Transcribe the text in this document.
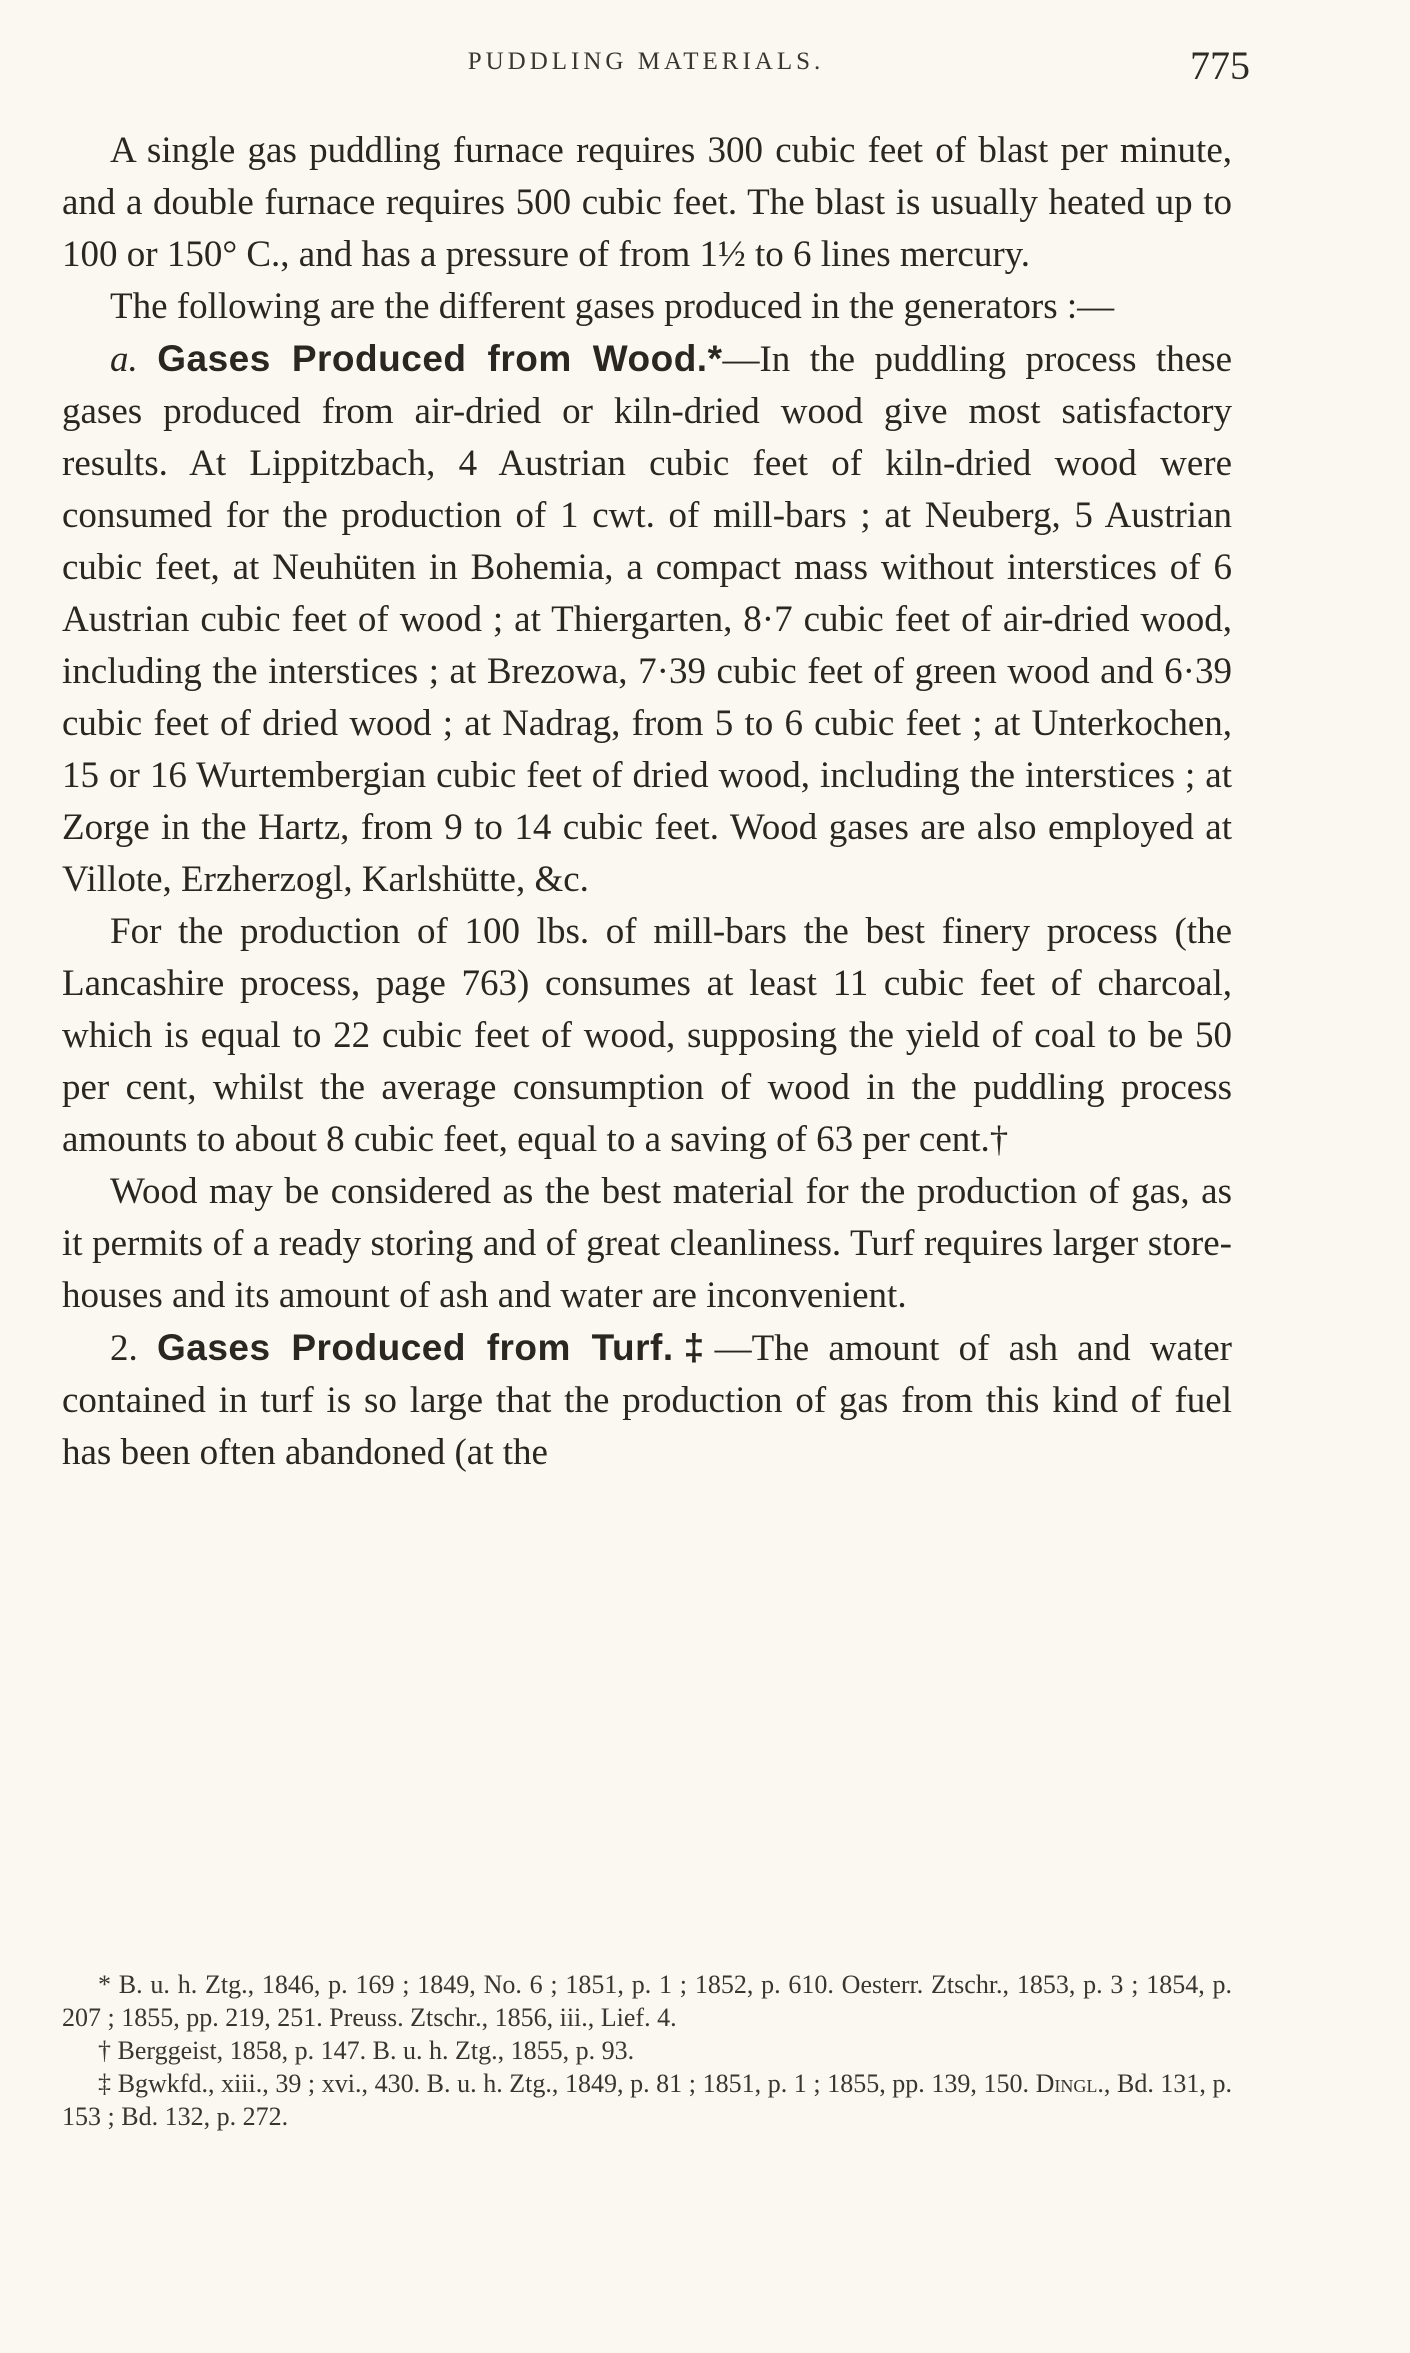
PUDDLING MATERIALS.	775

A single gas puddling furnace requires 300 cubic feet of blast per minute, and a double furnace requires 500 cubic feet. The blast is usually heated up to 100 or 150° C., and has a pressure of from 1½ to 6 lines mercury.

The following are the different gases produced in the generators :—

a. Gases Produced from Wood.*—In the puddling process these gases produced from air-dried or kiln-dried wood give most satisfactory results. At Lippitzbach, 4 Austrian cubic feet of kiln-dried wood were consumed for the production of 1 cwt. of mill-bars ; at Neuberg, 5 Austrian cubic feet, at Neuhüten in Bohemia, a compact mass without interstices of 6 Austrian cubic feet of wood ; at Thiergarten, 8·7 cubic feet of air-dried wood, including the interstices ; at Brezowa, 7·39 cubic feet of green wood and 6·39 cubic feet of dried wood ; at Nadrag, from 5 to 6 cubic feet ; at Unterkochen, 15 or 16 Wurtembergian cubic feet of dried wood, including the interstices ; at Zorge in the Hartz, from 9 to 14 cubic feet. Wood gases are also employed at Villote, Erzherzogl, Karlshütte, &c.

For the production of 100 lbs. of mill-bars the best finery process (the Lancashire process, page 763) consumes at least 11 cubic feet of charcoal, which is equal to 22 cubic feet of wood, supposing the yield of coal to be 50 per cent, whilst the average consumption of wood in the puddling process amounts to about 8 cubic feet, equal to a saving of 63 per cent.†

Wood may be considered as the best material for the production of gas, as it permits of a ready storing and of great cleanliness. Turf requires larger store-houses and its amount of ash and water are inconvenient.

2. Gases Produced from Turf.‡—The amount of ash and water contained in turf is so large that the production of gas from this kind of fuel has been often abandoned (at the

* B. u. h. Ztg., 1846, p. 169 ; 1849, No. 6 ; 1851, p. 1 ; 1852, p. 610. Oesterr. Ztschr., 1853, p. 3 ; 1854, p. 207 ; 1855, pp. 219, 251. Preuss. Ztschr., 1856, iii., Lief. 4.

† Berggeist, 1858, p. 147. B. u. h. Ztg., 1855, p. 93.

‡ Bgwkfd., xiii., 39 ; xvi., 430. B. u. h. Ztg., 1849, p. 81 ; 1851, p. 1 ; 1855, pp. 139, 150. Dingl., Bd. 131, p. 153 ; Bd. 132, p. 272.
